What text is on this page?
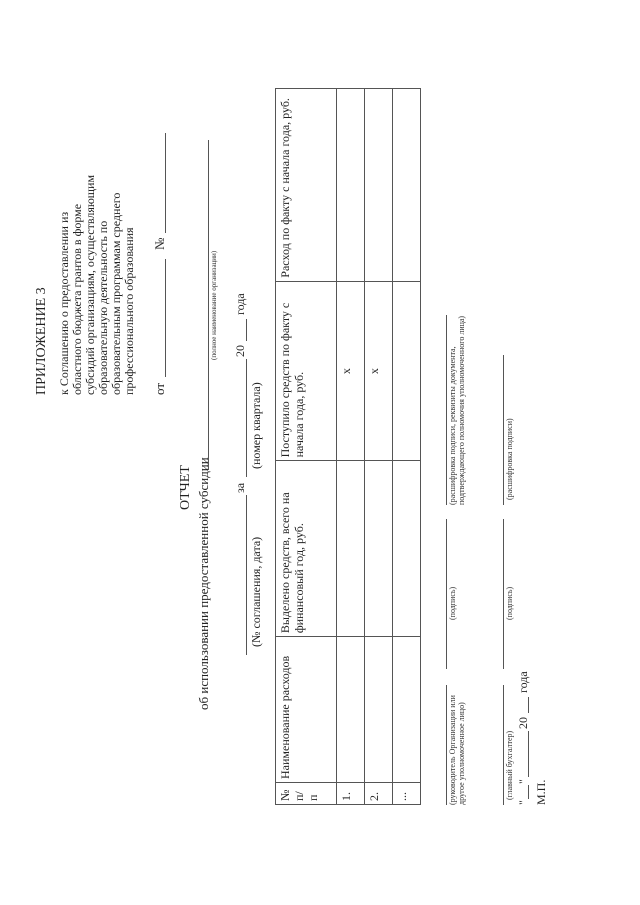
ПРИЛОЖЕНИЕ 3 к Соглашению о предоставлении из областного бюджета грантов в форме субсидий организациям, осуществляющим образовательную деятельность по образовательным программам среднего профессионального образования от
№
ОТЧЕТ об использовании предоставленной субсидии
(полное наименование организации)
за
20
года
(№ соглашения, дата)
(номер квартала)
№ п/п	Наименование расходов	Выделено средств, всего на финансовый год, руб.	Поступило средств по факту с начала года, руб.	Расход по факту с начала года, руб.
1.			х	
2.			х	
...					(руководитель Организации или другое уполномоченное лицо)
(подпись)
(расшифровка подписи, реквизиты документа, подтверждающего полномочия уполномоченного лица)
(главный бухгалтер)
(подпись)
(расшифровка подписи)
"
"
20
года
М.П.
